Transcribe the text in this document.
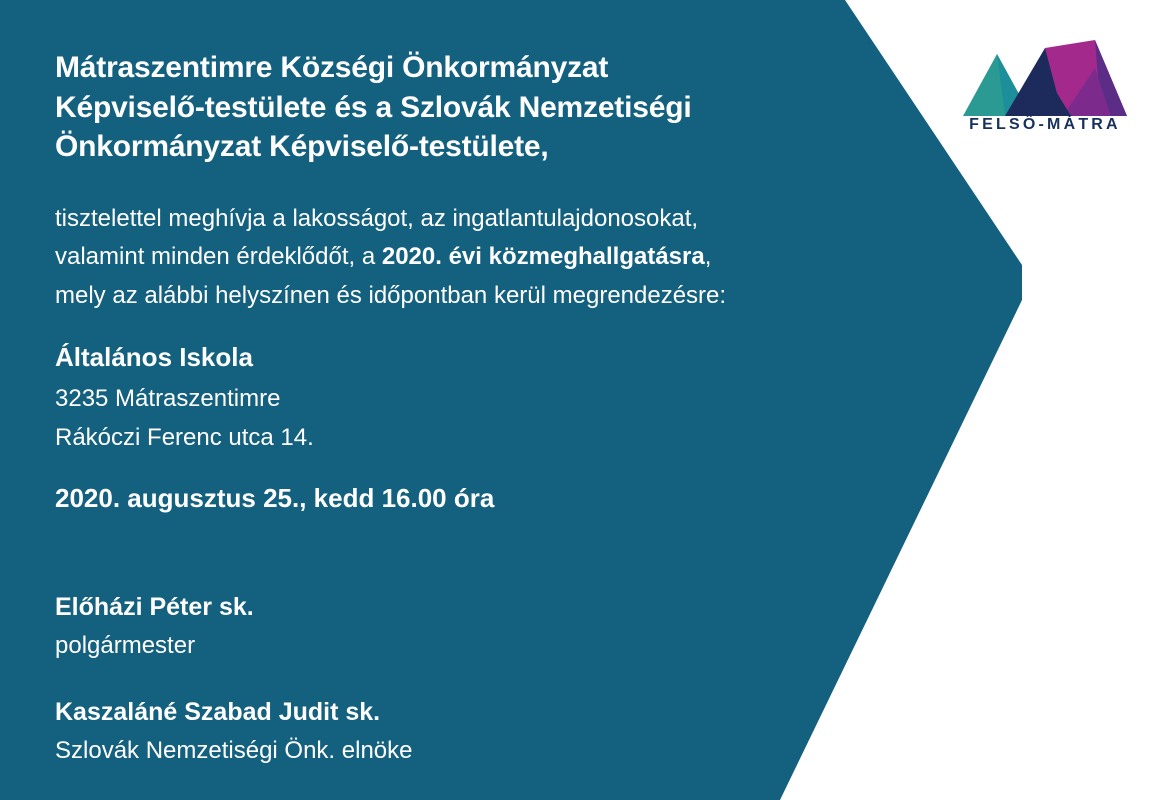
Mátraszentimre Községi Önkormányzat
Képviselő-testülete és a Szlovák Nemzetiségi
Önkormányzat Képviselő-testülete,
tisztelettel meghívja a lakosságot, az ingatlantulajdonosokat,
valamint minden érdeklődőt, a 2020. évi közmeghallgatásra,
mely az alábbi helyszínen és időpontban kerül megrendezésre:
Általános Iskola
3235 Mátraszentimre
Rákóczi Ferenc utca 14.
2020. augusztus 25., kedd 16.00 óra
Előházi Péter sk.
polgármester
Kaszaláné Szabad Judit sk.
Szlovák Nemzetiségi Önk. elnöke
FELSŐ-MÁTRA
